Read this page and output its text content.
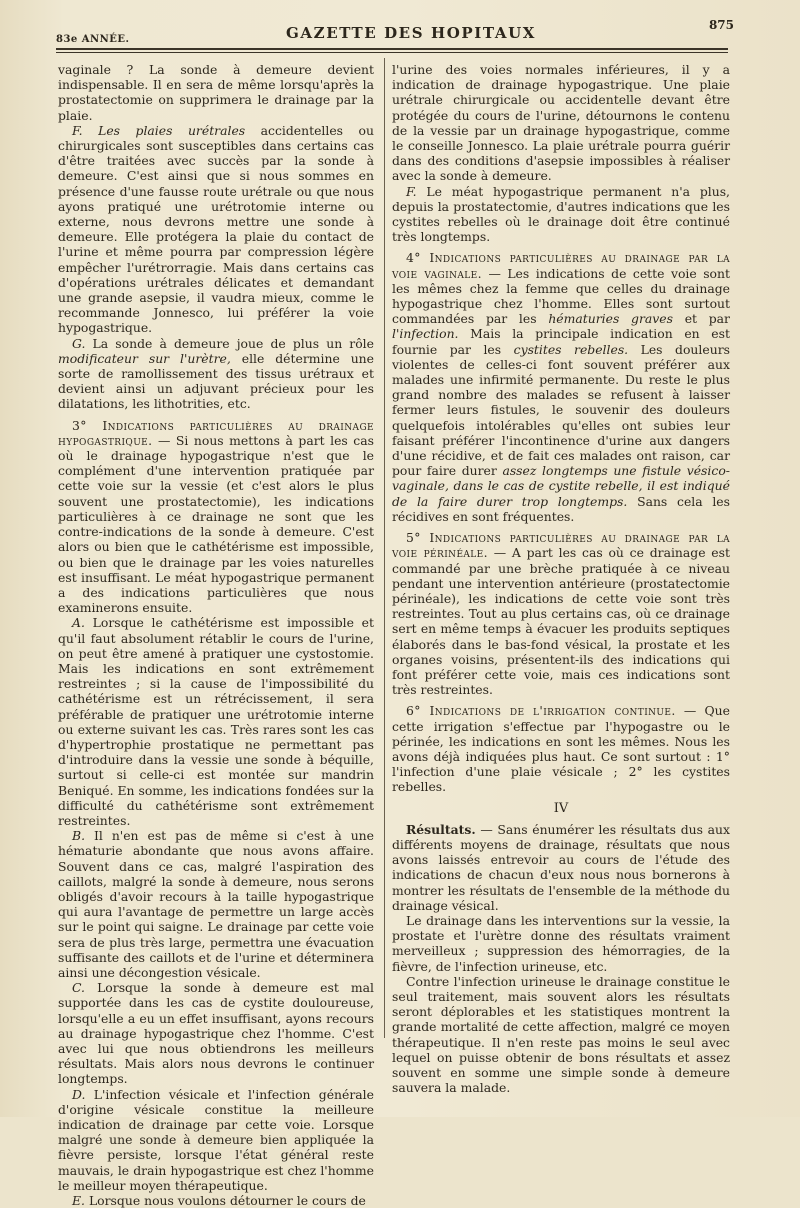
83e ANNÉE.	GAZETTE DES HOPITAUX	875

vaginale ? La sonde à demeure devient indispensable. Il en sera de même lorsqu'après la prostatectomie on supprimera le drainage par la plaie.

F. Les plaies urétrales accidentelles ou chirurgicales sont susceptibles dans certains cas d'être traitées avec succès par la sonde à demeure. C'est ainsi que si nous sommes en présence d'une fausse route urétrale ou que nous ayons pratiqué une urétrotomie interne ou externe, nous devrons mettre une sonde à demeure. Elle protégera la plaie du contact de l'urine et même pourra par compression légère empêcher l'urétrorragie. Mais dans certains cas d'opérations urétrales délicates et demandant une grande asepsie, il vaudra mieux, comme le recommande Jonnesco, lui préférer la voie hypogastrique.

G. La sonde à demeure joue de plus un rôle modificateur sur l'urètre, elle détermine une sorte de ramollissement des tissus urétraux et devient ainsi un adjuvant précieux pour les dilatations, les lithotrities, etc.

3° Indications particulières au drainage hypogastrique. — Si nous mettons à part les cas où le drainage hypogastrique n'est que le complément d'une intervention pratiquée par cette voie sur la vessie (et c'est alors le plus souvent une prostatectomie), les indications particulières à ce drainage ne sont que les contre-indications de la sonde à demeure. C'est alors ou bien que le cathétérisme est impossible, ou bien que le drainage par les voies naturelles est insuffisant. Le méat hypogastrique permanent a des indications particulières que nous examinerons ensuite.

A. Lorsque le cathétérisme est impossible et qu'il faut absolument rétablir le cours de l'urine, on peut être amené à pratiquer une cystostomie. Mais les indications en sont extrêmement restreintes ; si la cause de l'impossibilité du cathétérisme est un rétrécissement, il sera préférable de pratiquer une urétrotomie interne ou externe suivant les cas. Très rares sont les cas d'hypertrophie prostatique ne permettant pas d'introduire dans la vessie une sonde à béquille, surtout si celle-ci est montée sur mandrin Beniqué. En somme, les indications fondées sur la difficulté du cathétérisme sont extrêmement restreintes.

B. Il n'en est pas de même si c'est à une hématurie abondante que nous avons affaire. Souvent dans ce cas, malgré l'aspiration des caillots, malgré la sonde à demeure, nous serons obligés d'avoir recours à la taille hypogastrique qui aura l'avantage de permettre un large accès sur le point qui saigne. Le drainage par cette voie sera de plus très large, permettra une évacuation suffisante des caillots et de l'urine et déterminera ainsi une décongestion vésicale.

C. Lorsque la sonde à demeure est mal supportée dans les cas de cystite douloureuse, lorsqu'elle a eu un effet insuffisant, ayons recours au drainage hypogastrique chez l'homme. C'est avec lui que nous obtiendrons les meilleurs résultats. Mais alors nous devrons le continuer longtemps.

D. L'infection vésicale et l'infection générale d'origine vésicale constitue la meilleure indication de drainage par cette voie. Lorsque malgré une sonde à demeure bien appliquée la fièvre persiste, lorsque l'état général reste mauvais, le drain hypogastrique est chez l'homme le meilleur moyen thérapeutique.

E. Lorsque nous voulons détourner le cours de

l'urine des voies normales inférieures, il y a indication de drainage hypogastrique. Une plaie urétrale chirurgicale ou accidentelle devant être protégée du cours de l'urine, détournons le contenu de la vessie par un drainage hypogastrique, comme le conseille Jonnesco. La plaie urétrale pourra guérir dans des conditions d'asepsie impossibles à réaliser avec la sonde à demeure.

F. Le méat hypogastrique permanent n'a plus, depuis la prostatectomie, d'autres indications que les cystites rebelles où le drainage doit être continué très longtemps.

4° Indications particulières au drainage par la voie vaginale. — Les indications de cette voie sont les mêmes chez la femme que celles du drainage hypogastrique chez l'homme. Elles sont surtout commandées par les hématuries graves et par l'infection. Mais la principale indication en est fournie par les cystites rebelles. Les douleurs violentes de celles-ci font souvent préférer aux malades une infirmité permanente. Du reste le plus grand nombre des malades se refusent à laisser fermer leurs fistules, le souvenir des douleurs quelquefois intolérables qu'elles ont subies leur faisant préférer l'incontinence d'urine aux dangers d'une récidive, et de fait ces malades ont raison, car pour faire durer assez longtemps une fistule vésico-vaginale, dans le cas de cystite rebelle, il est indiqué de la faire durer trop longtemps. Sans cela les récidives en sont fréquentes.

5° Indications particulières au drainage par la voie périnéale. — A part les cas où ce drainage est commandé par une brèche pratiquée à ce niveau pendant une intervention antérieure (prostatectomie périnéale), les indications de cette voie sont très restreintes. Tout au plus certains cas, où ce drainage sert en même temps à évacuer les produits septiques élaborés dans le bas-fond vésical, la prostate et les organes voisins, présentent-ils des indications qui font préférer cette voie, mais ces indications sont très restreintes.

6° Indications de l'irrigation continue. — Que cette irrigation s'effectue par l'hypogastre ou le périnée, les indications en sont les mêmes. Nous les avons déjà indiquées plus haut. Ce sont surtout : 1° l'infection d'une plaie vésicale ; 2° les cystites rebelles.

IV

Résultats. — Sans énumérer les résultats dus aux différents moyens de drainage, résultats que nous avons laissés entrevoir au cours de l'étude des indications de chacun d'eux nous nous bornerons à montrer les résultats de l'ensemble de la méthode du drainage vésical.

Le drainage dans les interventions sur la vessie, la prostate et l'urètre donne des résultats vraiment merveilleux ; suppression des hémorragies, de la fièvre, de l'infection urineuse, etc.

Contre l'infection urineuse le drainage constitue le seul traitement, mais souvent alors les résultats seront déplorables et les statistiques montrent la grande mortalité de cette affection, malgré ce moyen thérapeutique. Il n'en reste pas moins le seul avec lequel on puisse obtenir de bons résultats et assez souvent en somme une simple sonde à demeure sauvera la malade.
